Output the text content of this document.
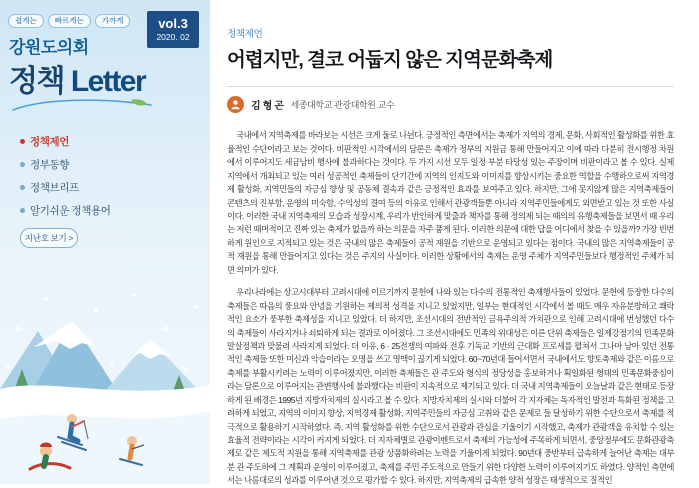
쉽게는	빠르게는	가까게
강원도의회
정책 Letter
vol.3
2020. 02
정책제언
정부동향
정책브리프
알기쉬운 정책용어
지난호 보기 >
정책제언
어렵지만, 결코 어둡지 않은 지역문화축제
김 형 곤 세종대학교 관광대학원 교수

국내에서 지역축제를 바라보는 시선은 크게 둘로 나뉜다. 긍정적인 측면에서는 축제가 지역의 경제, 문화, 사회적인 활성화를 위한 효율적인 수단이라고 보는 것이다. 비판적인 시각에서의 담론은 축제가 정부의 지원금 통해 만들어지고 이에 따라 다분히 전시행정 차원에서 이루어지도 세금남비 행사에 불과하다는 것이다. 두 가지 시선 모두 일정 부분 타당성 있는 주장이며 비판이라고 볼 수 있다. 실제 지역에서 개최되고 있는 여러 성공적인 축제들이 단기간에 지역의 인지도와 이미지를 향상시키는 중요한 역할을 수행하으로써 지역경제 활성화, 지역민들의 자긍심 향상 및 공동체 결속과 같은 긍정적인 효과를 보여주고 있다. 하지만, 그에 못지않게 많은 지역축제들이 콘텐츠의 진부함, 운영의 미숙함, 수익성의 결여 등의 이유로 인해서 관광객들뿐 아니라 지역주민들에게도 외면받고 있는 것 또한 사실이다. 이러한 국내 지역축제의 모습과 성장시계, 우리가 반인하게 맞출과 책자를 통해 정의제 되는 때의의 유행축제들을 보면서 때 우리는 저런 때머적이고 진짜 있는 축제가 없을까 하는 의문을 자주 품게 된다. 이러한 의문에 대한 답을 어디에서 찾을 수 있을까? 가장 빈번하게 원인으로 지적되고 있는 것은 국내의 많은 축제들이 공적 재원을 기반으로 운영되고 있다는 점이다. 국내의 많은 지역축제들이 공적 재원을 통해 만들어지고 있다는 것은 주지의 사실이다. 이러한 상황에서의 축제는 운영 주체가 지역주민들보다 행정적인 주체가 되면 의미가 있다.

우리나라에는 상고시대부터 고려시대에 이르기까지 문헌에 나와 있는 다수의 전통적인 축제행사들이 있었다. 문헌에 등장한 다수의 축제들은 따음의 풍요와 안녕을 기원하는 제의적 성격을 지니고 있었지만, 일부는 현대적인 시각에서 볼 때도 매우 자유분방하고 쾌락적인 요소가 풍부한 축제성을 지니고 있었다. 더 하지만, 조선시대의 전반적인 금욕주의적 가치관으로 인해 고려시대에 번성했던 다수의 축제들이 사라지거나 쇠퇴하게 되는 결과로 이어졌다. 그 조선시대에도 민족의 위대성은 이른 단위 축제들은 일제강점기의 민족문화말살정책과 맞물려 사라지게 되었다. 더 이유, 6 · 25전쟁의 여파와 전후 기독교 기반의 근대화 프로세를 펼쳐서 그나마 남아 있던 전통적인 축제들 또한 미신과 악습이라는 오명을 쓰고 명맥이 끊기게 되었다. 60~70년대 들어서면서 국내에서도 향토축제와 같은 이름으로 축제를 부활시키려는 노력이 이루어졌지만, 이러한 축제들은 관 주도와 형식의 정당성을 홍보하거나 획일화된 형태의 민족문화중심이라는 담론으로 이루어지는 관변행사에 불과했다는 비판이 지속적으로 제기되고 있다. 더 국내 지역축제들이 오늘날과 같은 현태로 등장하게 된 배경은 1995년 지방자치제의 실시라고 볼 수 있다. 지방자치제의 실시와 더불어 각 지자체는 독자적인 발전과 특화된 정책을 고려하게 되었고, 지역의 이미지 향상, 지역경제 활성화, 지역주민들의 자긍심 고취와 같은 문제로 들 달성하기 위한 수단으로서 축제를 적극적으로 활용하기 시작하였다. 즉, 지역 활성화를 위한 수단으로서 관광과 관심을 기울이기 시작했고, 축제가 관광객을 유치할 수 있는 효율적 전략이라는 시각이 커지게 되었다. 더 지자체별로 관광이벤트로서 축제의 가능성에 주목하게 되면서, 중앙정부에도 문화관광축제로 같은 제도적 지원을 통해 지역축제를 관광 상품화하려는 노력을 기울이게 되었다. 90년대 중반부터 급속하게 늘어난 축제는 대부분 관 주도하에 그 계획과 운영이 이루어졌고, 축제를 주민 주도적으로 만들기 위한 다양한 노력이 이루어지기도 하였다. 양적인 측면에서는 나름대로의 성과를 이루어낸 것으로 평가할 수 있다. 하지만, 지역축제의 급속한 양적 성장은 태생적으로 질적인
